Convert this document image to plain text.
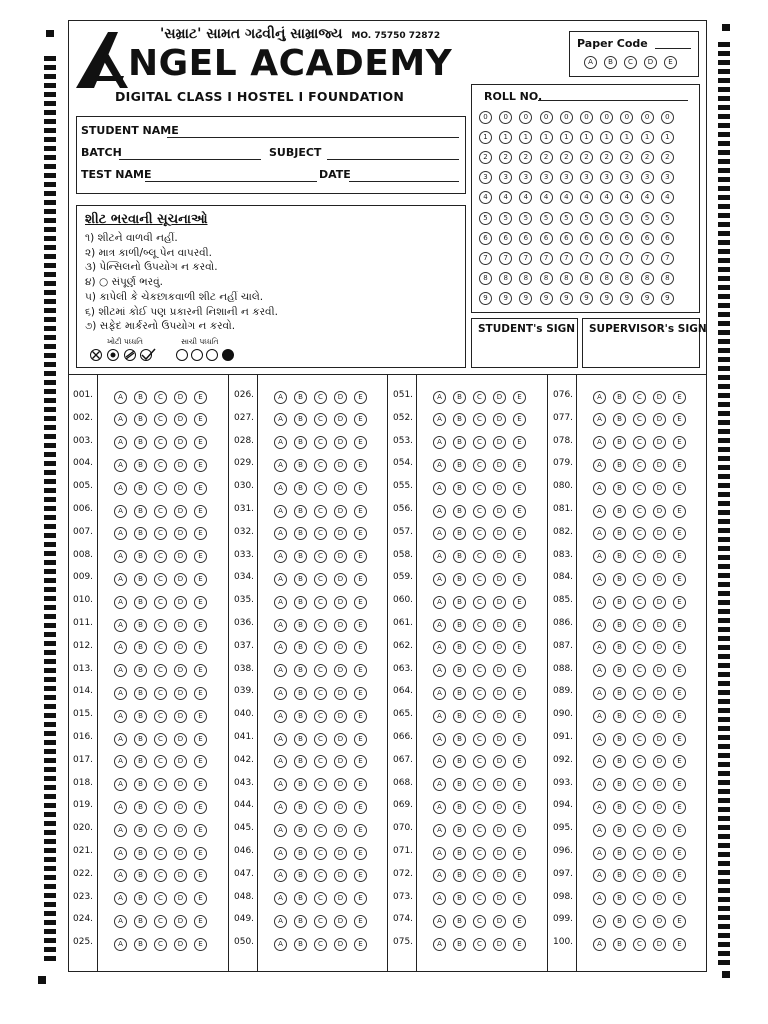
'સમ્રાટ' સામત ગઢવીનું સામ્રાજ્ય MO. 75750 72872
NGEL ACADEMY
DIGITAL CLASS I HOSTEL I FOUNDATION
Paper Code
A	B	C	D	E
STUDENT NAME
BATCH	SUBJECT
TEST NAME	DATE
શીટ ભરવાની સૂચનાઓ
૧) શીટને વાળવી નહીં.
૨) માત્ર કાળી/બ્લૂ પેન વાપરવી.
૩) પેન્સિલનો ઉપયોગ ન કરવો.
૪) ○ સંપૂર્ણ ભરવું.
૫) કાપેલી કે ચેકછાકવાળી શીટ નહીં ચાલે.
૬) શીટમાં કોઈ પણ પ્રકારની નિશાની ન કરવી.
૭) સફેદ માર્કરનો ઉપયોગ ન કરવો.
ખોટી પધ્ધતિ	સાચી પધ્ધતિ
ROLL NO.
0	0	0	0	0	0	0	0	0	0
1	1	1	1	1	1	1	1	1	1
2	2	2	2	2	2	2	2	2	2
3	3	3	3	3	3	3	3	3	3
4	4	4	4	4	4	4	4	4	4
5	5	5	5	5	5	5	5	5	5
6	6	6	6	6	6	6	6	6	6
7	7	7	7	7	7	7	7	7	7
8	8	8	8	8	8	8	8	8	8
9	9	9	9	9	9	9	9	9	9
STUDENT's SIGN	SUPERVISOR's SIGN
001.	A	B	C	D	E
002.	A	B	C	D	E
003.	A	B	C	D	E
004.	A	B	C	D	E
005.	A	B	C	D	E
006.	A	B	C	D	E
007.	A	B	C	D	E
008.	A	B	C	D	E
009.	A	B	C	D	E
010.	A	B	C	D	E
011.	A	B	C	D	E
012.	A	B	C	D	E
013.	A	B	C	D	E
014.	A	B	C	D	E
015.	A	B	C	D	E
016.	A	B	C	D	E
017.	A	B	C	D	E
018.	A	B	C	D	E
019.	A	B	C	D	E
020.	A	B	C	D	E
021.	A	B	C	D	E
022.	A	B	C	D	E
023.	A	B	C	D	E
024.	A	B	C	D	E
025.	A	B	C	D	E
026.	A	B	C	D	E
027.	A	B	C	D	E
028.	A	B	C	D	E
029.	A	B	C	D	E
030.	A	B	C	D	E
031.	A	B	C	D	E
032.	A	B	C	D	E
033.	A	B	C	D	E
034.	A	B	C	D	E
035.	A	B	C	D	E
036.	A	B	C	D	E
037.	A	B	C	D	E
038.	A	B	C	D	E
039.	A	B	C	D	E
040.	A	B	C	D	E
041.	A	B	C	D	E
042.	A	B	C	D	E
043.	A	B	C	D	E
044.	A	B	C	D	E
045.	A	B	C	D	E
046.	A	B	C	D	E
047.	A	B	C	D	E
048.	A	B	C	D	E
049.	A	B	C	D	E
050.	A	B	C	D	E
051.	A	B	C	D	E
052.	A	B	C	D	E
053.	A	B	C	D	E
054.	A	B	C	D	E
055.	A	B	C	D	E
056.	A	B	C	D	E
057.	A	B	C	D	E
058.	A	B	C	D	E
059.	A	B	C	D	E
060.	A	B	C	D	E
061.	A	B	C	D	E
062.	A	B	C	D	E
063.	A	B	C	D	E
064.	A	B	C	D	E
065.	A	B	C	D	E
066.	A	B	C	D	E
067.	A	B	C	D	E
068.	A	B	C	D	E
069.	A	B	C	D	E
070.	A	B	C	D	E
071.	A	B	C	D	E
072.	A	B	C	D	E
073.	A	B	C	D	E
074.	A	B	C	D	E
075.	A	B	C	D	E
076.	A	B	C	D	E
077.	A	B	C	D	E
078.	A	B	C	D	E
079.	A	B	C	D	E
080.	A	B	C	D	E
081.	A	B	C	D	E
082.	A	B	C	D	E
083.	A	B	C	D	E
084.	A	B	C	D	E
085.	A	B	C	D	E
086.	A	B	C	D	E
087.	A	B	C	D	E
088.	A	B	C	D	E
089.	A	B	C	D	E
090.	A	B	C	D	E
091.	A	B	C	D	E
092.	A	B	C	D	E
093.	A	B	C	D	E
094.	A	B	C	D	E
095.	A	B	C	D	E
096.	A	B	C	D	E
097.	A	B	C	D	E
098.	A	B	C	D	E
099.	A	B	C	D	E
100.	A	B	C	D	E
